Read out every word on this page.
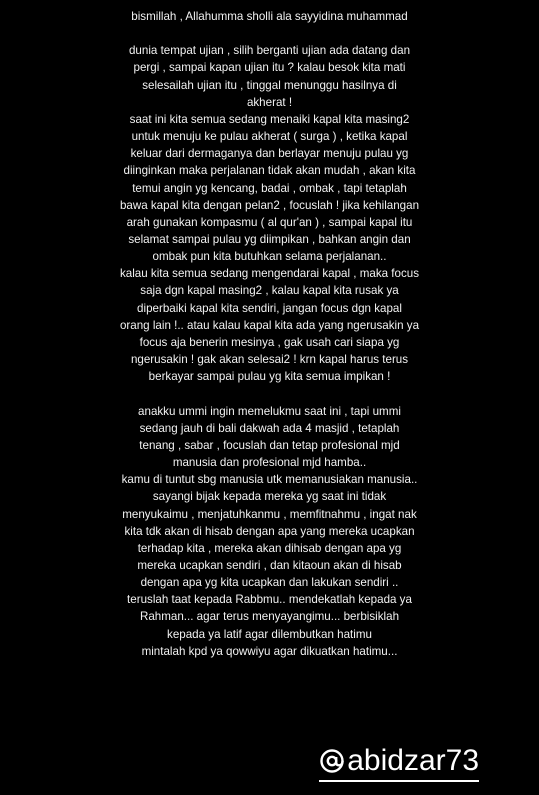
bismillah , Allahumma sholli ala sayyidina muhammad
dunia tempat ujian , silih berganti ujian ada datang dan
pergi , sampai kapan ujian itu ? kalau besok kita mati
selesailah ujian itu , tinggal menunggu hasilnya di
akherat !
saat ini kita semua sedang menaiki kapal kita masing2
untuk menuju ke pulau akherat ( surga ) , ketika kapal
keluar dari dermaganya dan berlayar menuju pulau yg
diinginkan maka perjalanan tidak akan mudah , akan kita
temui angin yg kencang, badai , ombak , tapi tetaplah
bawa kapal kita dengan pelan2 , focuslah ! jika kehilangan
arah gunakan kompasmu ( al qur'an ) , sampai kapal itu
selamat sampai pulau yg diimpikan , bahkan angin dan
ombak pun kita butuhkan selama perjalanan..
kalau kita semua sedang mengendarai kapal , maka focus
saja dgn kapal masing2 , kalau kapal kita rusak ya
diperbaiki kapal kita sendiri, jangan focus dgn kapal
orang lain !.. atau kalau kapal kita ada yang ngerusakin ya
focus aja benerin mesinya , gak usah cari siapa yg
ngerusakin ! gak akan selesai2 ! krn kapal harus terus
berkayar sampai pulau yg kita semua impikan !
anakku ummi ingin memelukmu saat ini , tapi ummi
sedang jauh di bali dakwah ada 4 masjid , tetaplah
tenang , sabar , focuslah dan tetap profesional mjd
manusia dan profesional mjd hamba..
kamu di tuntut sbg manusia utk memanusiakan manusia..
sayangi bijak kepada mereka yg saat ini tidak
menyukaimu , menjatuhkanmu , memfitnahmu , ingat nak
kita tdk akan di hisab dengan apa yang mereka ucapkan
terhadap kita , mereka akan dihisab dengan apa yg
mereka ucapkan sendiri , dan kitaoun akan di hisab
dengan apa yg kita ucapkan dan lakukan sendiri ..
teruslah taat kepada Rabbmu.. mendekatlah kepada ya
Rahman... agar terus menyayangimu... berbisiklah
kepada ya latif agar dilembutkan hatimu
mintalah kpd ya qowwiyu agar dikuatkan hatimu...
abidzar73
